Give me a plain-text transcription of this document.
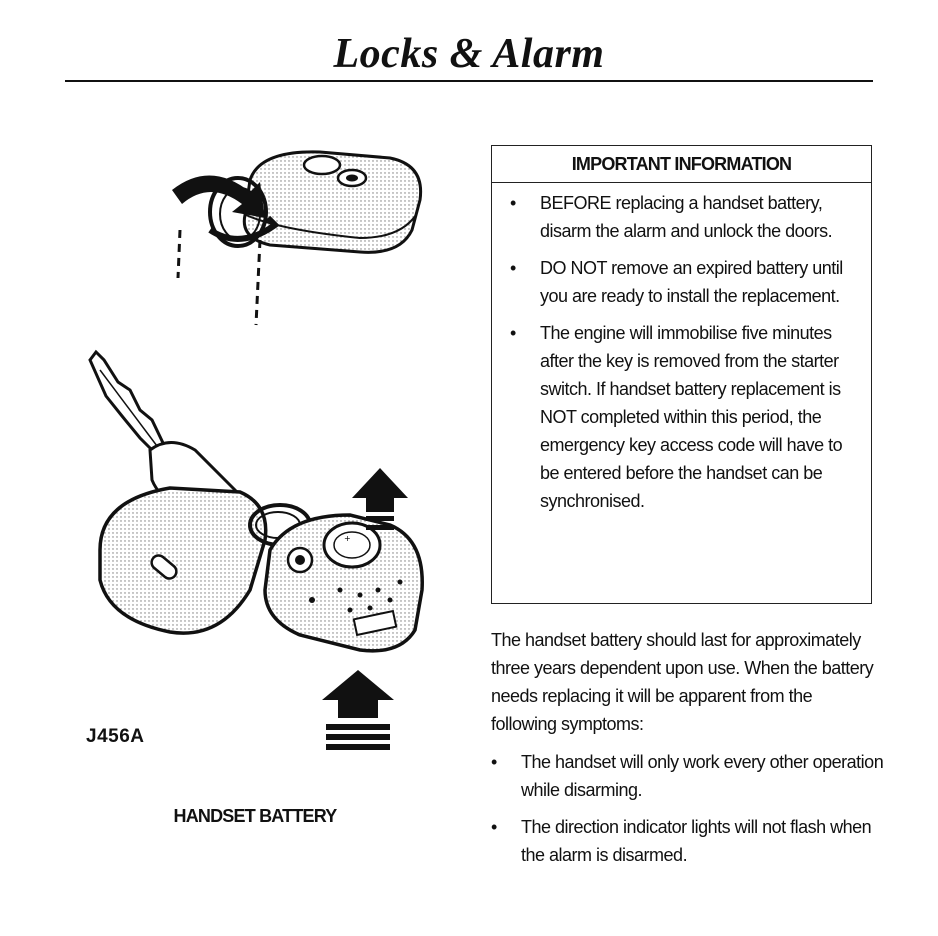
Locks & Alarm
+
J456A
HANDSET BATTERY
IMPORTANT INFORMATION
• BEFORE replacing a handset battery, disarm the alarm and unlock the doors.
• DO NOT remove an expired battery until you are ready to install the replacement.
• The engine will immobilise five minutes after the key is removed from the starter switch. If handset battery replacement is NOT completed within this period, the emergency key access code will have to be entered before the handset can be synchronised.

The handset battery should last for approximately three years dependent upon use. When the battery needs replacing it will be apparent from the following symptoms:

• The handset will only work every other operation while disarming.
• The direction indicator lights will not flash when the alarm is disarmed.
